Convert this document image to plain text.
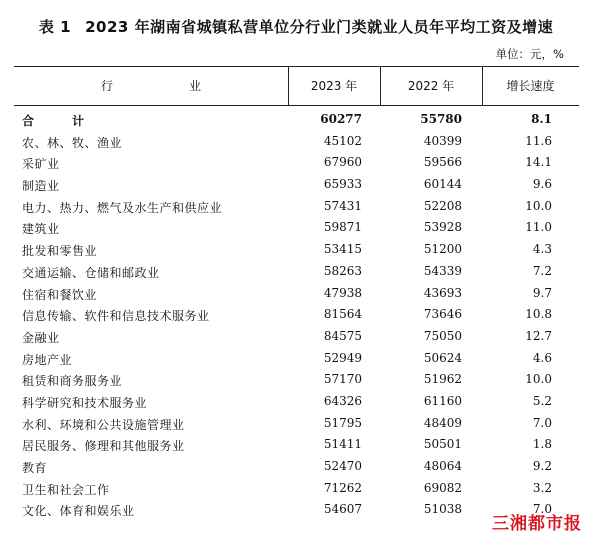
表 1 2023 年湖南省城镇私营单位分行业门类就业人员年平均工资及增速
单位：元，%
行　业	2023 年	2022 年	增长速度
合　计	60277	55780	8.1
农、林、牧、渔业	45102	40399	11.6
采矿业	67960	59566	14.1
制造业	65933	60144	9.6
电力、热力、燃气及水生产和供应业	57431	52208	10.0
建筑业	59871	53928	11.0
批发和零售业	53415	51200	4.3
交通运输、仓储和邮政业	58263	54339	7.2
住宿和餐饮业	47938	43693	9.7
信息传输、软件和信息技术服务业	81564	73646	10.8
金融业	84575	75050	12.7
房地产业	52949	50624	4.6
租赁和商务服务业	57170	51962	10.0
科学研究和技术服务业	64326	61160	5.2
水利、环境和公共设施管理业	51795	48409	7.0
居民服务、修理和其他服务业	51411	50501	1.8
教育	52470	48064	9.2
卫生和社会工作	71262	69082	3.2
文化、体育和娱乐业	54607	51038	7.0
三湘都市报
